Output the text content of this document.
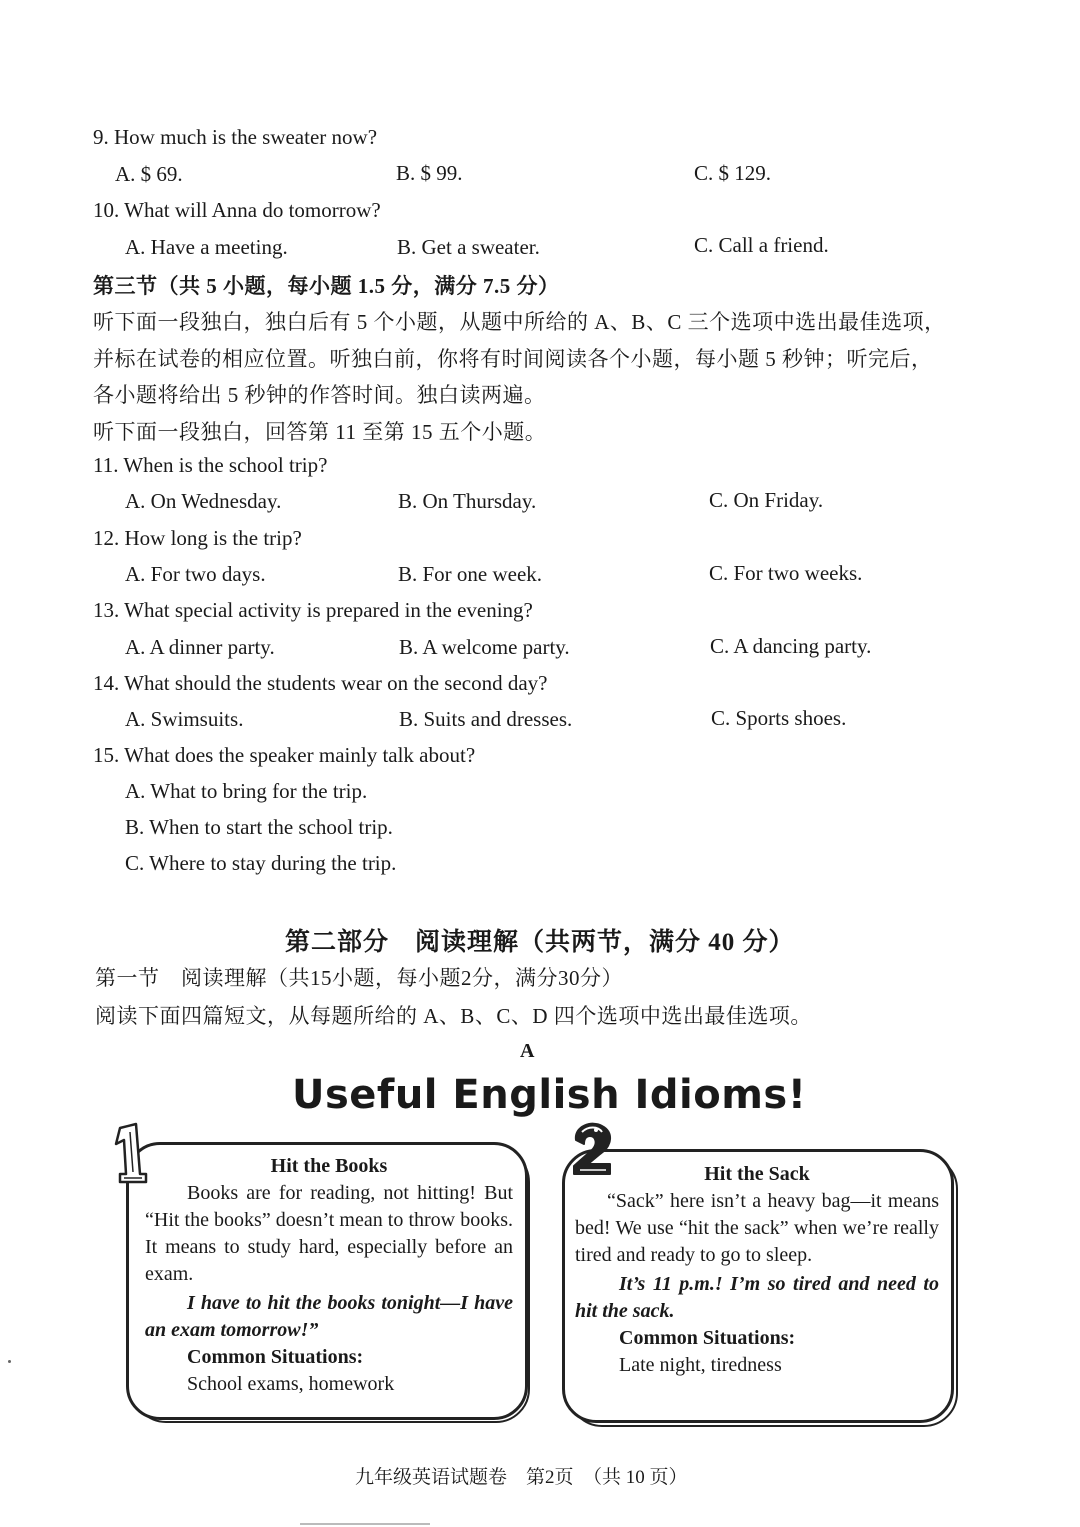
9. How much is the sweater now?
A. $ 69.	B. $ 99.	C. $ 129.
10. What will Anna do tomorrow?
A. Have a meeting.	B. Get a sweater.	C. Call a friend.
第三节（共 5 小题，每小题 1.5 分，满分 7.5 分）
听下面一段独白，独白后有 5 个小题，从题中所给的 A、B、C 三个选项中选出最佳选项，
并标在试卷的相应位置。听独白前，你将有时间阅读各个小题，每小题 5 秒钟；听完后，
各小题将给出 5 秒钟的作答时间。独白读两遍。
听下面一段独白，回答第 11 至第 15 五个小题。
11. When is the school trip?
A. On Wednesday.	B. On Thursday.	C. On Friday.
12. How long is the trip?
A. For two days.	B. For one week.	C. For two weeks.
13. What special activity is prepared in the evening?
A. A dinner party.	B. A welcome party.	C. A dancing party.
14. What should the students wear on the second day?
A. Swimsuits.	B. Suits and dresses.	C. Sports shoes.
15. What does the speaker mainly talk about?
A. What to bring for the trip.
B. When to start the school trip.
C. Where to stay during the trip.
第二部分　阅读理解（共两节，满分 40 分）
第一节　阅读理解（共15小题，每小题2分，满分30分）
阅读下面四篇短文，从每题所给的 A、B、C、D 四个选项中选出最佳选项。
A
Useful English Idioms!
Hit the Books
Books are for reading, not hitting! But “Hit the books” doesn’t mean to throw books. It means to study hard, especially before an exam.
I have to hit the books tonight—I have an exam tomorrow!”
Common Situations:
School exams, homework
Hit the Sack
“Sack” here isn’t a heavy bag—it means bed! We use “hit the sack” when we’re really tired and ready to go to sleep.
It’s 11 p.m.! I’m so tired and need to hit the sack.
Common Situations:
Late night, tiredness
九年级英语试题卷　第2页　（共 10 页）
